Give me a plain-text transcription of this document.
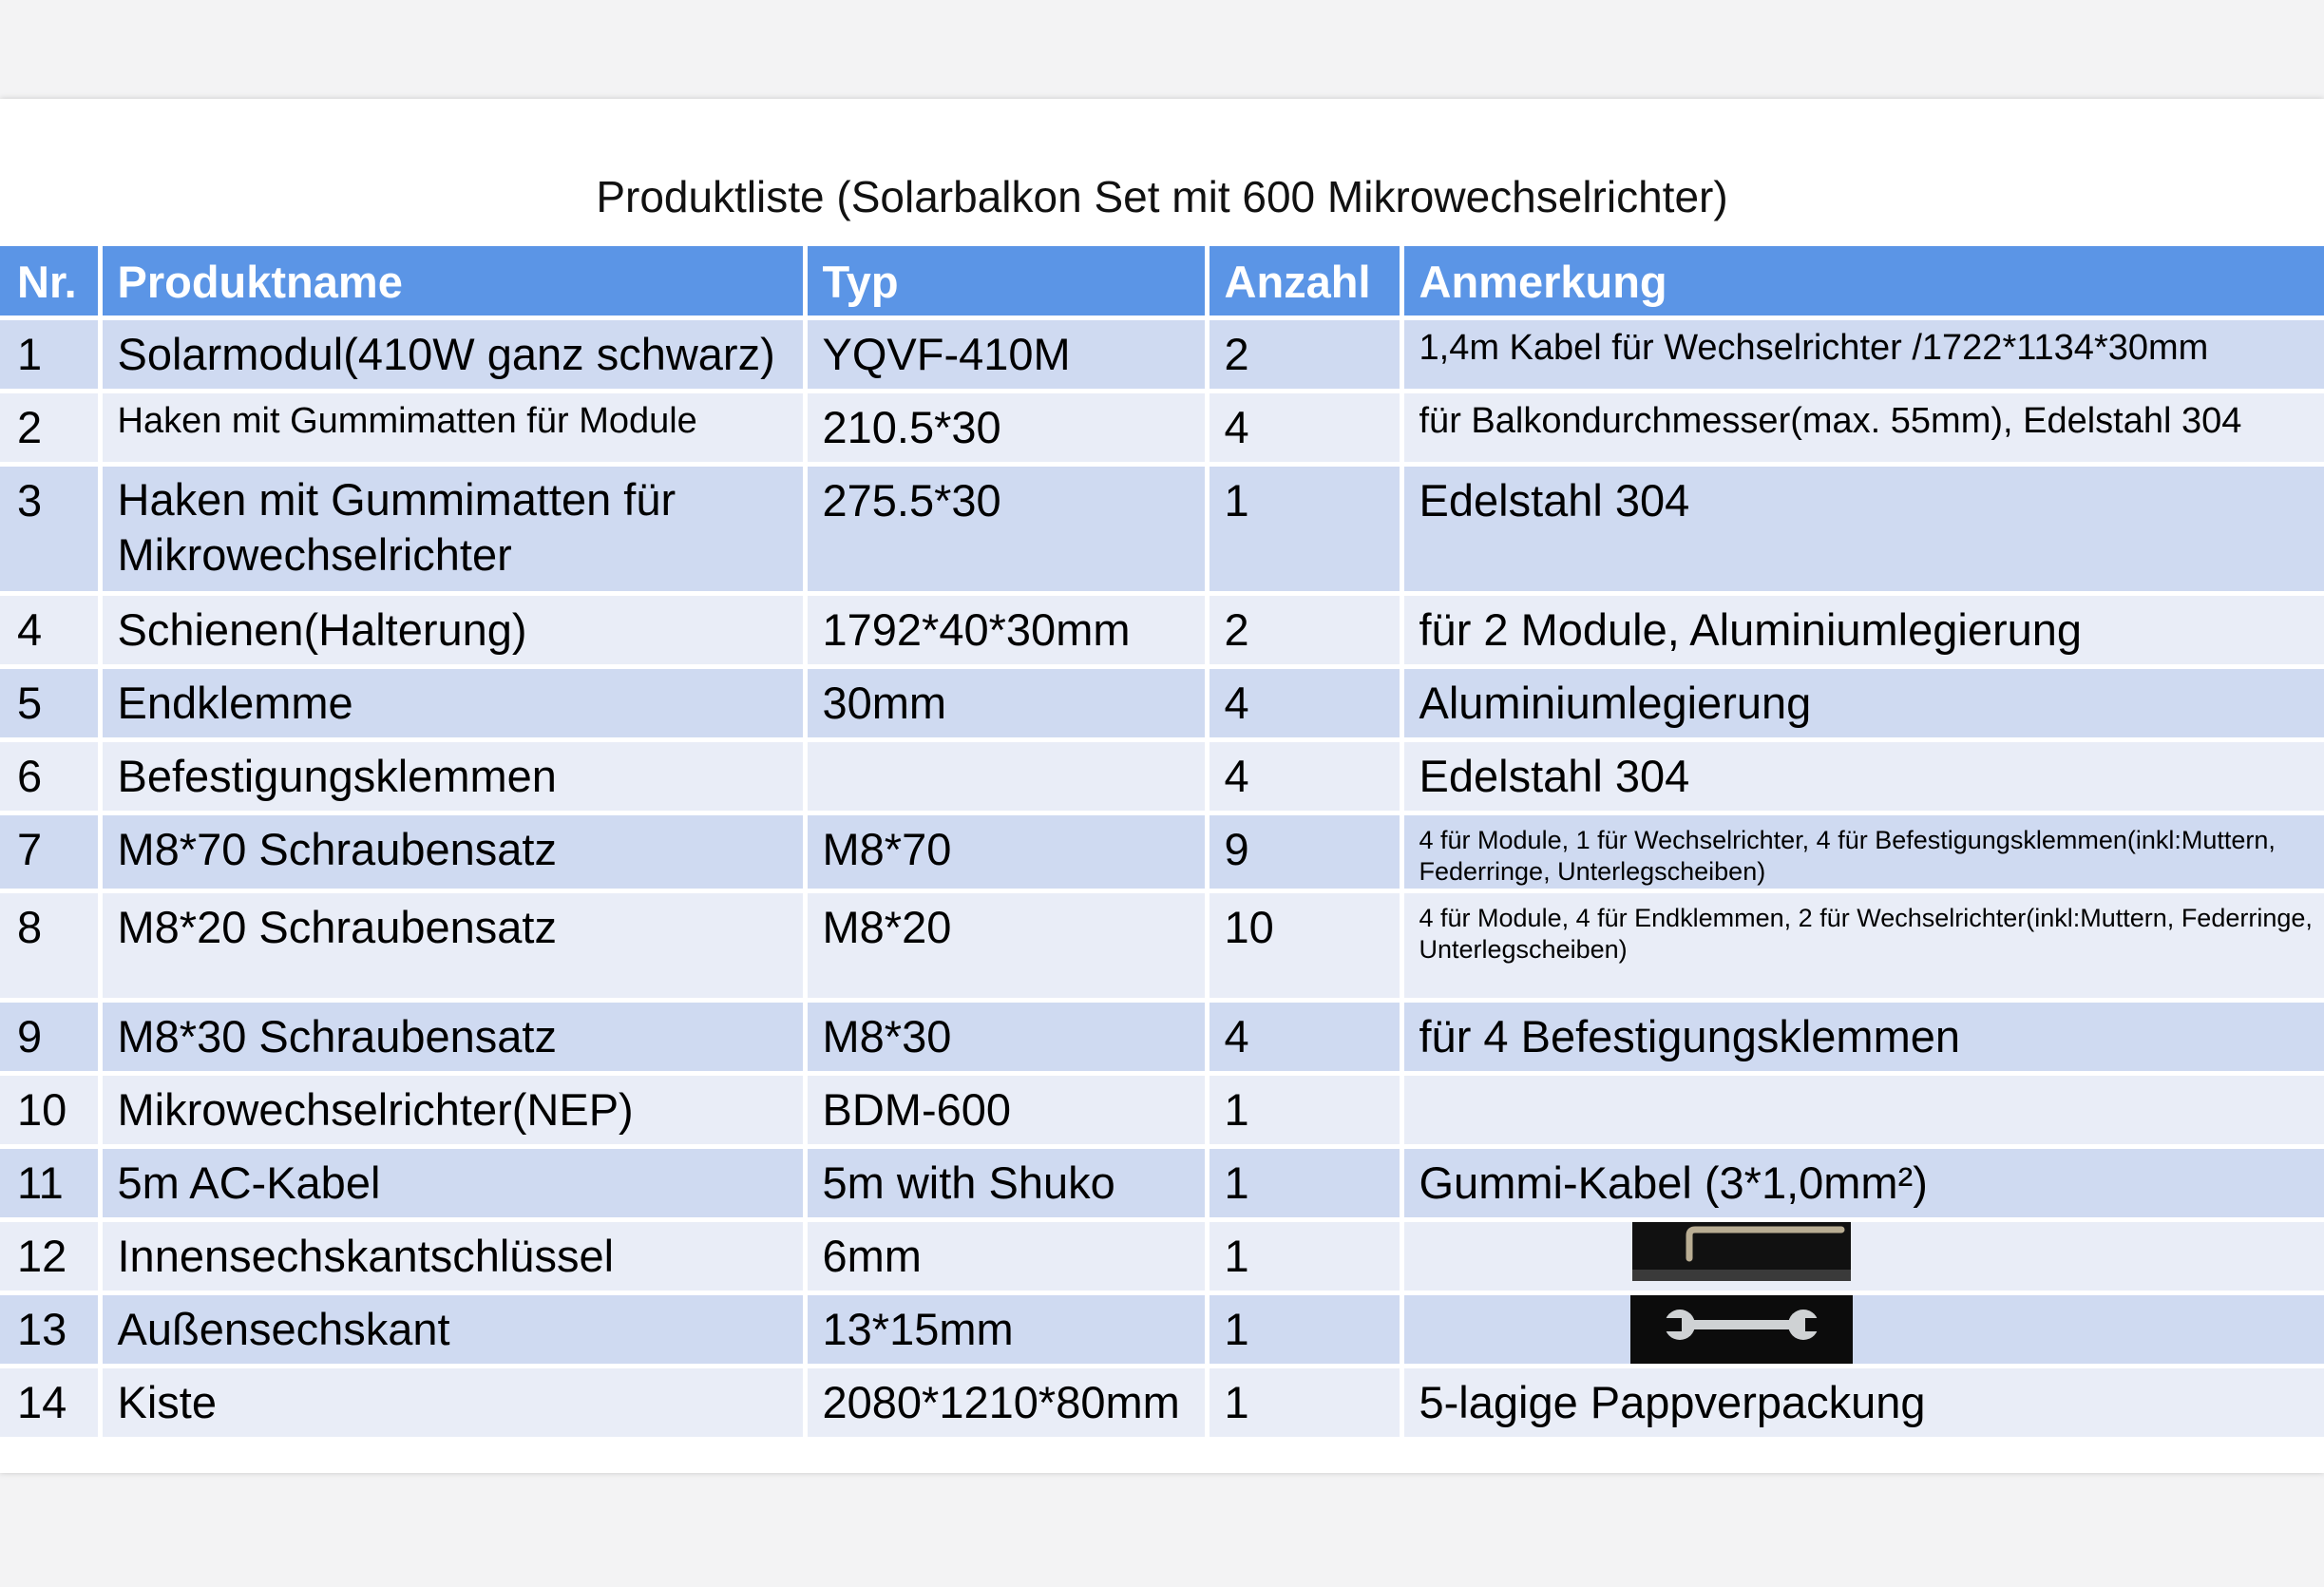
Produktliste (Solarbalkon Set mit 600 Mikrowechselrichter)
Nr.	Produktname	Typ	Anzahl	Anmerkung
1	Solarmodul(410W ganz schwarz)	YQVF-410M	2	1,4m Kabel für Wechselrichter /1722*1134*30mm
2	Haken mit Gummimatten für Module	210.5*30	4	für Balkondurchmesser(max. 55mm), Edelstahl 304
3	Haken mit Gummimatten für Mikrowechselrichter	275.5*30	1	Edelstahl 304
4	Schienen(Halterung)	1792*40*30mm	2	für 2 Module, Aluminiumlegierung
5	Endklemme	30mm	4	Aluminiumlegierung
6	Befestigungsklemmen		4	Edelstahl 304
7	M8*70 Schraubensatz	M8*70	9	4 für Module, 1 für Wechselrichter, 4 für Befestigungsklemmen(inkl:Muttern, Federringe, Unterlegscheiben)
8	M8*20 Schraubensatz	M8*20	10	4 für Module, 4 für Endklemmen, 2 für Wechselrichter(inkl:Muttern, Federringe, Unterlegscheiben)
9	M8*30 Schraubensatz	M8*30	4	für 4 Befestigungsklemmen
10	Mikrowechselrichter(NEP)	BDM-600	1	
11	5m AC-Kabel	5m with Shuko	1	Gummi-Kabel (3*1,0mm²)
12	Innensechskantschlüssel	6mm	1	

13	Außensechskant	13*15mm	1	

14	Kiste	2080*1210*80mm	1	5-lagige Pappverpackung
